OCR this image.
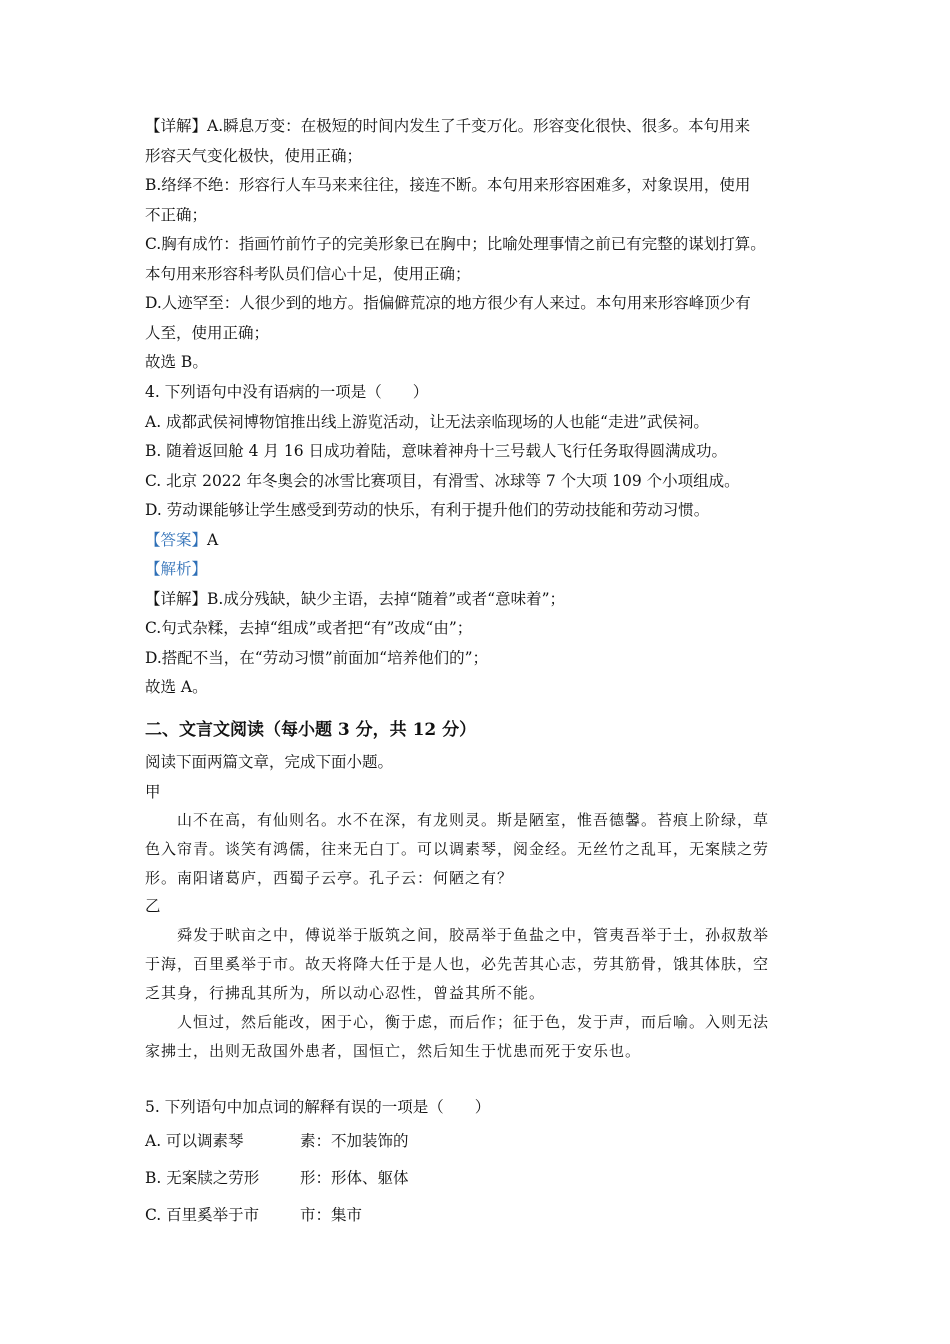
【详解】A.瞬息万变：在极短的时间内发生了千变万化。形容变化很快、很多。本句用来
形容天气变化极快，使用正确；
B.络绎不绝：形容行人车马来来往往，接连不断。本句用来形容困难多，对象误用，使用
不正确；
C.胸有成竹：指画竹前竹子的完美形象已在胸中；比喻处理事情之前已有完整的谋划打算。
本句用来形容科考队员们信心十足，使用正确；
D.人迹罕至：人很少到的地方。指偏僻荒凉的地方很少有人来过。本句用来形容峰顶少有
人至，使用正确；
故选 B。
4. 下列语句中没有语病的一项是（　　）
A. 成都武侯祠博物馆推出线上游览活动，让无法亲临现场的人也能“走进”武侯祠。
B. 随着返回舱 4 月 16 日成功着陆，意味着神舟十三号载人飞行任务取得圆满成功。
C. 北京 2022 年冬奥会的冰雪比赛项目，有滑雪、冰球等 7 个大项 109 个小项组成。
D. 劳动课能够让学生感受到劳动的快乐，有利于提升他们的劳动技能和劳动习惯。
【答案】A
【解析】
【详解】B.成分残缺，缺少主语，去掉“随着”或者“意味着”；
C.句式杂糅，去掉“组成”或者把“有”改成“由”；
D.搭配不当，在“劳动习惯”前面加“培养他们的”；
故选 A。
二、文言文阅读（每小题 3 分，共 12 分）
阅读下面两篇文章，完成下面小题。
甲
山不在高，有仙则名。水不在深，有龙则灵。斯是陋室，惟吾德馨。苔痕上阶绿，草
色入帘青。谈笑有鸿儒，往来无白丁。可以调素琴，阅金经。无丝竹之乱耳，无案牍之劳
形。南阳诸葛庐，西蜀子云亭。孔子云：何陋之有？
乙
舜发于畎亩之中，傅说举于版筑之间，胶鬲举于鱼盐之中，管夷吾举于士，孙叔敖举
于海，百里奚举于市。故天将降大任于是人也，必先苦其心志，劳其筋骨，饿其体肤，空
乏其身，行拂乱其所为，所以动心忍性，曾益其所不能。
人恒过，然后能改，困于心，衡于虑，而后作；征于色，发于声，而后喻。入则无法
家拂士，出则无敌国外患者，国恒亡，然后知生于忧患而死于安乐也。
5. 下列语句中加点词的解释有误的一项是（　　）
A. 可以调素琴	素：不加装饰的
B. 无案牍之劳形	形：形体、躯体
C. 百里奚举于市	市：集市
